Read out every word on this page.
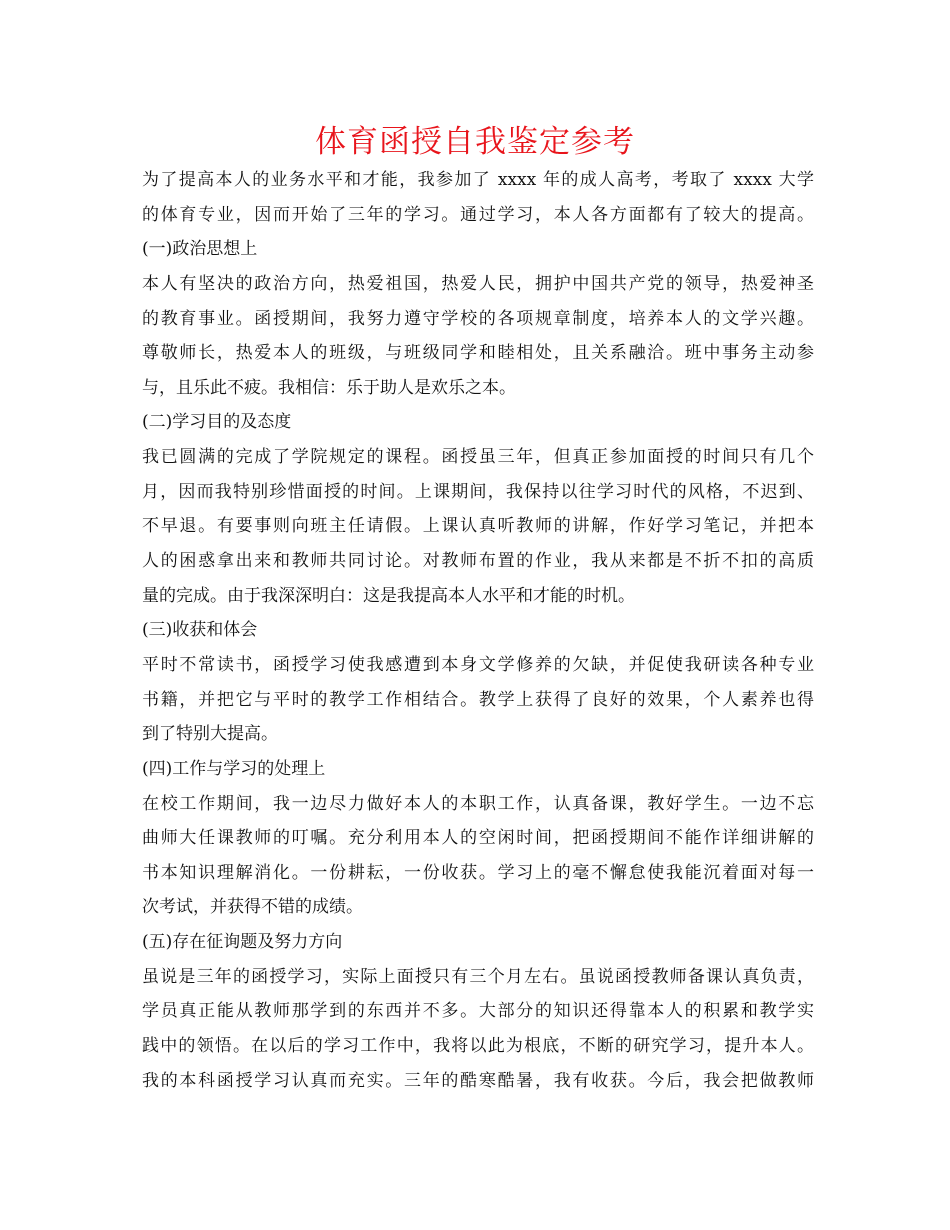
体育函授自我鉴定参考
为了提高本人的业务水平和才能，我参加了 xxxx 年的成人高考，考取了 xxxx 大学
的体育专业，因而开始了三年的学习。通过学习，本人各方面都有了较大的提高。
(一)政治思想上
本人有坚决的政治方向，热爱祖国，热爱人民，拥护中国共产党的领导，热爱神圣
的教育事业。函授期间，我努力遵守学校的各项规章制度，培养本人的文学兴趣。
尊敬师长，热爱本人的班级，与班级同学和睦相处，且关系融洽。班中事务主动参
与，且乐此不疲。我相信：乐于助人是欢乐之本。
(二)学习目的及态度
我已圆满的完成了学院规定的课程。函授虽三年，但真正参加面授的时间只有几个
月，因而我特别珍惜面授的时间。上课期间，我保持以往学习时代的风格，不迟到、
不早退。有要事则向班主任请假。上课认真听教师的讲解，作好学习笔记，并把本
人的困惑拿出来和教师共同讨论。对教师布置的作业，我从来都是不折不扣的高质
量的完成。由于我深深明白：这是我提高本人水平和才能的时机。
(三)收获和体会
平时不常读书，函授学习使我感遭到本身文学修养的欠缺，并促使我研读各种专业
书籍，并把它与平时的教学工作相结合。教学上获得了良好的效果，个人素养也得
到了特别大提高。
(四)工作与学习的处理上
在校工作期间，我一边尽力做好本人的本职工作，认真备课，教好学生。一边不忘
曲师大任课教师的叮嘱。充分利用本人的空闲时间，把函授期间不能作详细讲解的
书本知识理解消化。一份耕耘，一份收获。学习上的毫不懈怠使我能沉着面对每一
次考试，并获得不错的成绩。
(五)存在征询题及努力方向
虽说是三年的函授学习，实际上面授只有三个月左右。虽说函授教师备课认真负责，
学员真正能从教师那学到的东西并不多。大部分的知识还得靠本人的积累和教学实
践中的领悟。在以后的学习工作中，我将以此为根底，不断的研究学习，提升本人。
我的本科函授学习认真而充实。三年的酷寒酷暑，我有收获。今后，我会把做教师
